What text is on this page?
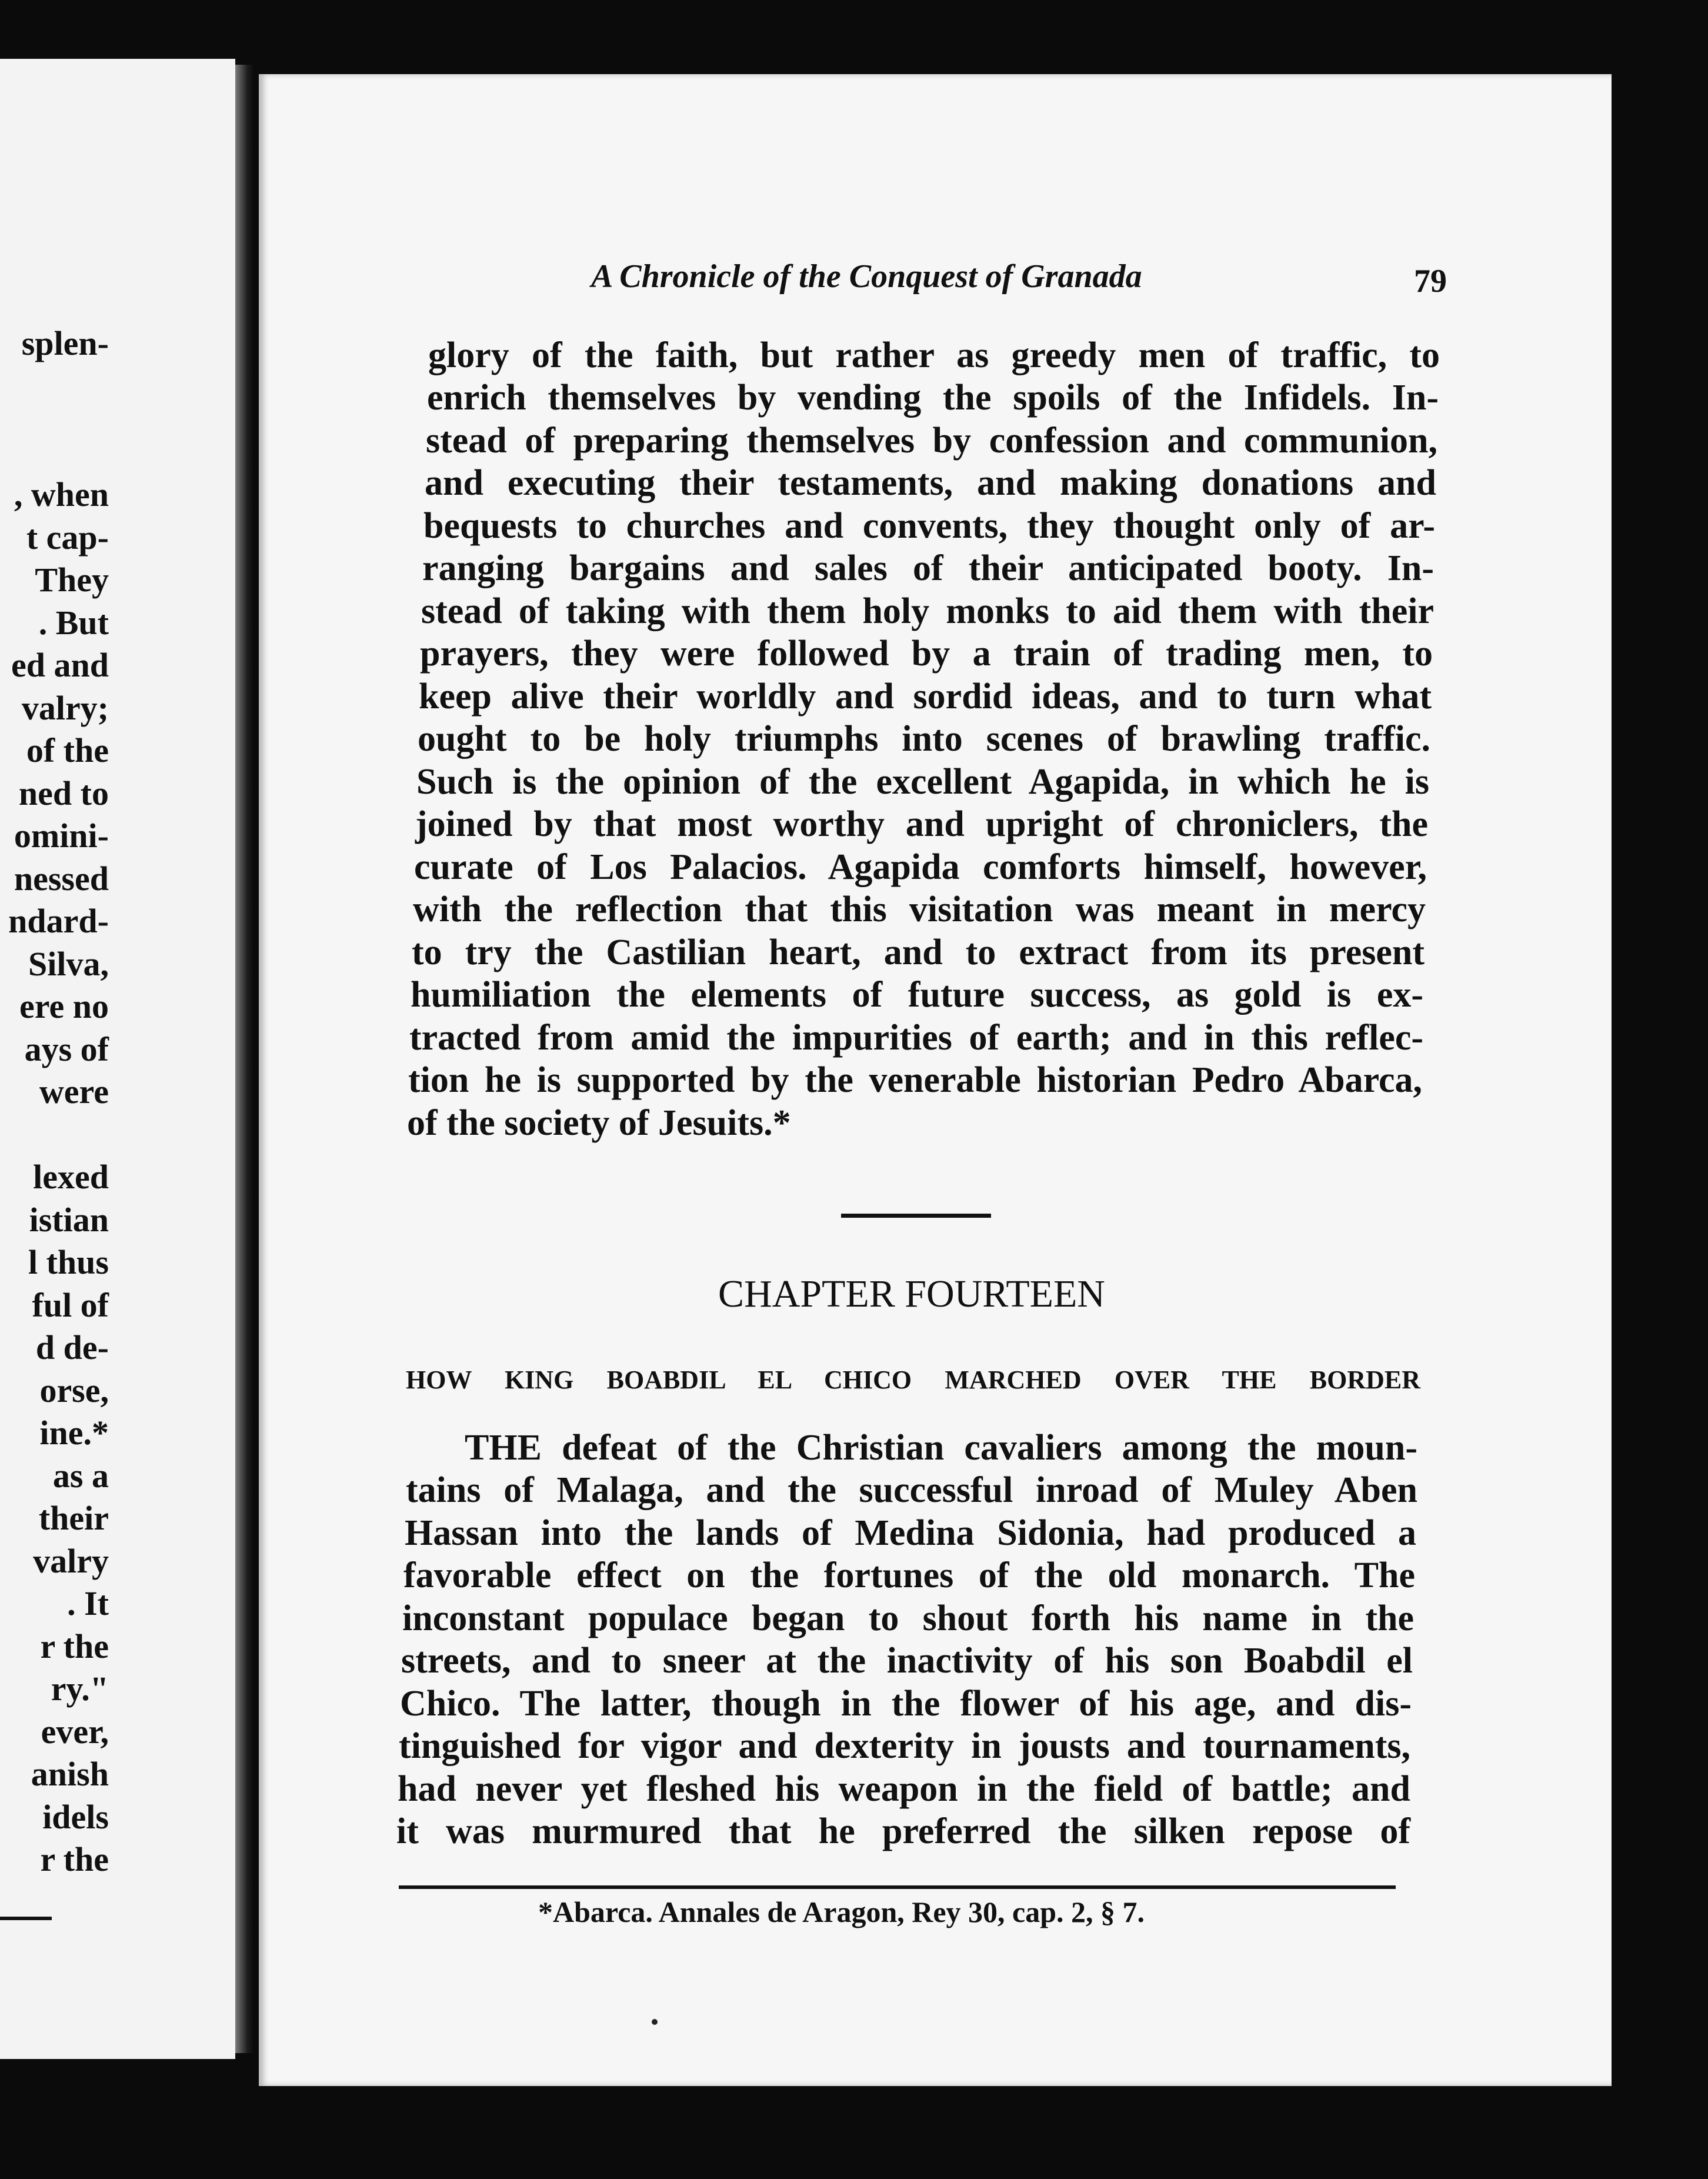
splen-
, when
t cap-
They
. But
ed and
valry;
of the
ned to
omini-
nessed
ndard-
Silva,
ere no
ays of
were
lexed
istian
l thus
ful of
d de-
orse,
ine.*
as a
their
valry
. It
r the
ry."
ever,
anish
idels
r the
A Chronicle of the Conquest of Granada	79
glory of the faith, but rather as greedy men of traffic, to
enrich themselves by vending the spoils of the Infidels. In-
stead of preparing themselves by confession and communion,
and executing their testaments, and making donations and
bequests to churches and convents, they thought only of ar-
ranging bargains and sales of their anticipated booty. In-
stead of taking with them holy monks to aid them with their
prayers, they were followed by a train of trading men, to
keep alive their worldly and sordid ideas, and to turn what
ought to be holy triumphs into scenes of brawling traffic.
Such is the opinion of the excellent Agapida, in which he is
joined by that most worthy and upright of chroniclers, the
curate of Los Palacios. Agapida comforts himself, however,
with the reflection that this visitation was meant in mercy
to try the Castilian heart, and to extract from its present
humiliation the elements of future success, as gold is ex-
tracted from amid the impurities of earth; and in this reflec-
tion he is supported by the venerable historian Pedro Abarca,
of the society of Jesuits.*
CHAPTER FOURTEEN
HOW KING BOABDIL EL CHICO MARCHED OVER THE BORDER
THE defeat of the Christian cavaliers among the moun-
tains of Malaga, and the successful inroad of Muley Aben
Hassan into the lands of Medina Sidonia, had produced a
favorable effect on the fortunes of the old monarch. The
inconstant populace began to shout forth his name in the
streets, and to sneer at the inactivity of his son Boabdil el
Chico. The latter, though in the flower of his age, and dis-
tinguished for vigor and dexterity in jousts and tournaments,
had never yet fleshed his weapon in the field of battle; and
it was murmured that he preferred the silken repose of
*Abarca. Annales de Aragon, Rey 30, cap. 2, § 7.
